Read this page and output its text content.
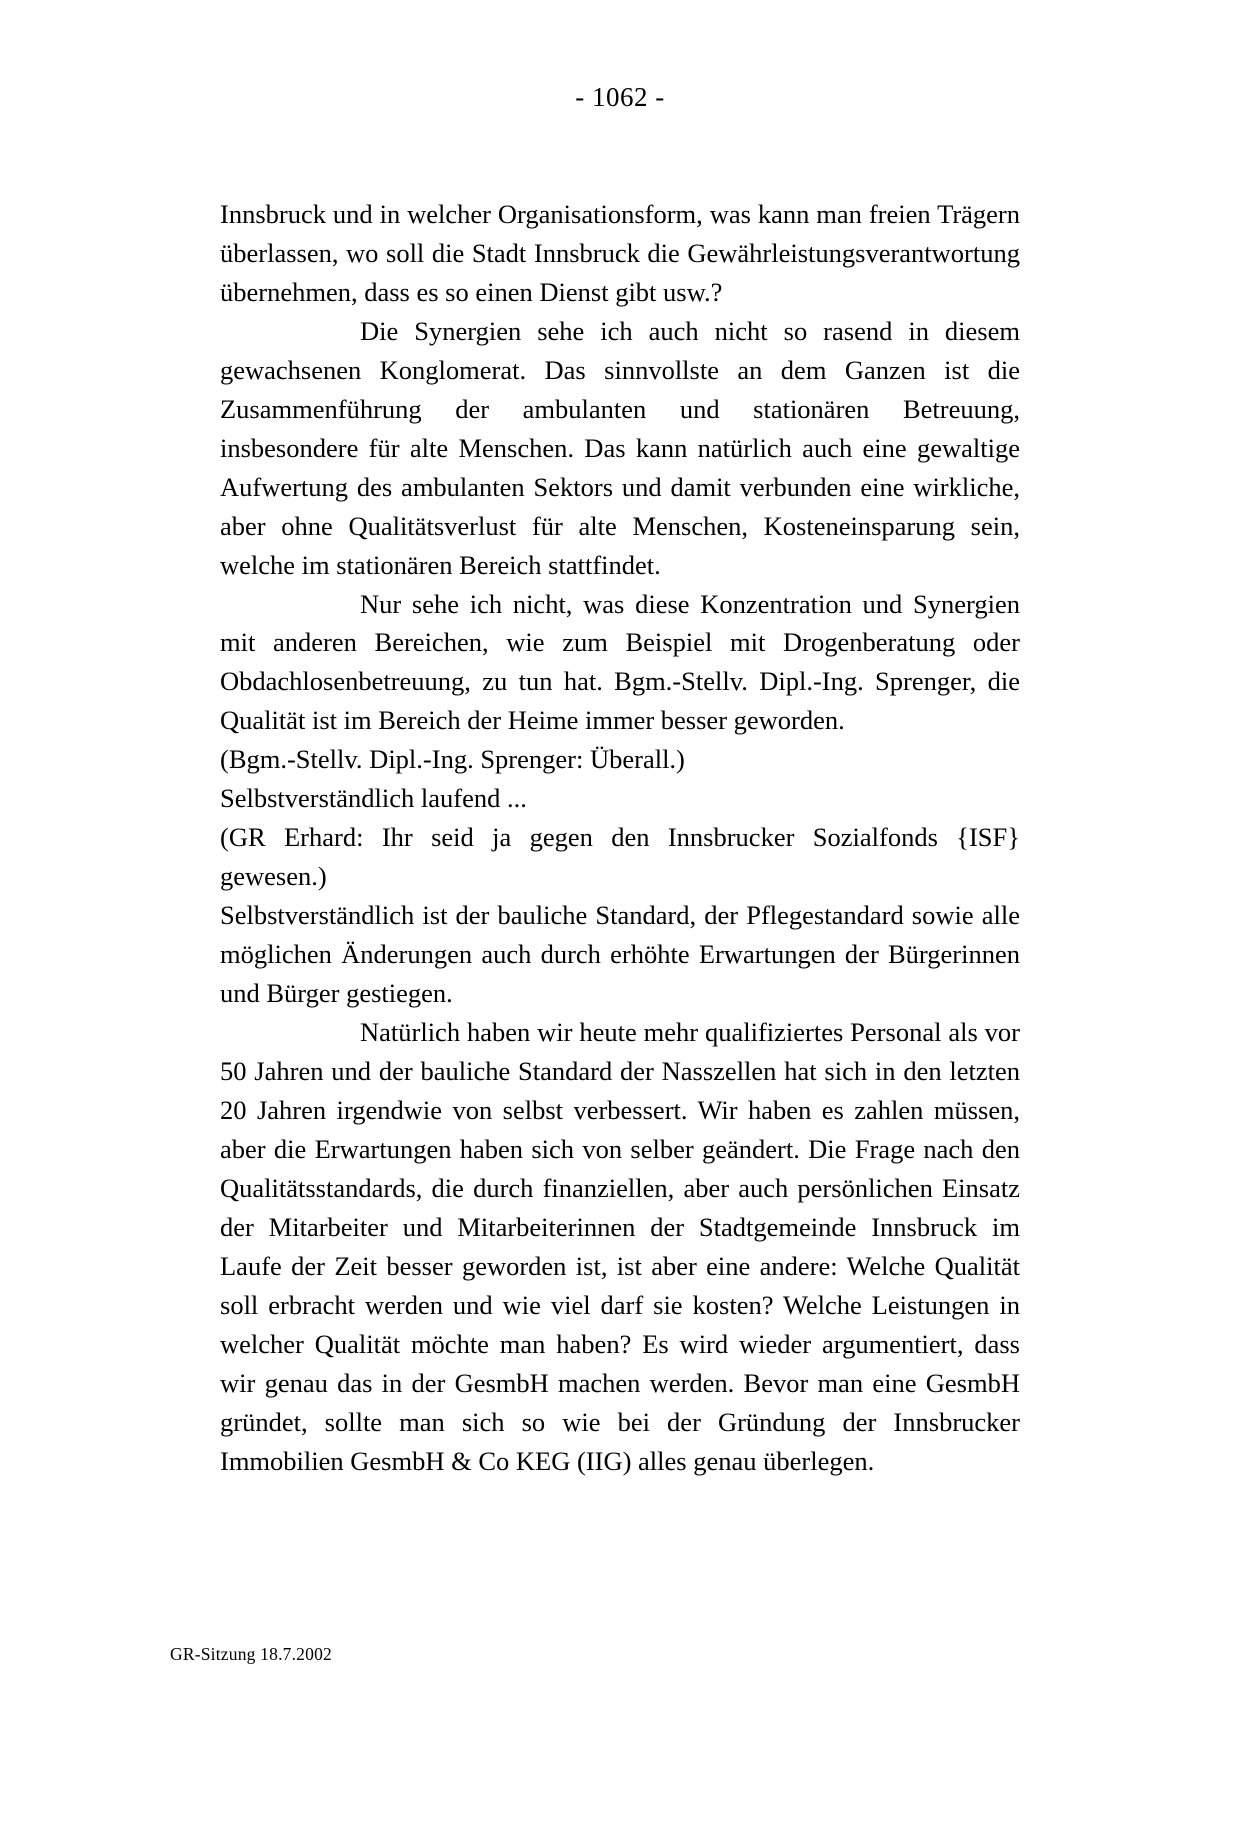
- 1062 -

Innsbruck und in welcher Organisationsform, was kann man freien Trägern überlassen, wo soll die Stadt Innsbruck die Gewährleistungsverantwortung übernehmen, dass es so einen Dienst gibt usw.?

Die Synergien sehe ich auch nicht so rasend in diesem gewachsenen Konglomerat. Das sinnvollste an dem Ganzen ist die Zusammenführung der ambulanten und stationären Betreuung, insbesondere für alte Menschen. Das kann natürlich auch eine gewaltige Aufwertung des ambulanten Sektors und damit verbunden eine wirkliche, aber ohne Qualitätsverlust für alte Menschen, Kosteneinsparung sein, welche im stationären Bereich stattfindet.

Nur sehe ich nicht, was diese Konzentration und Synergien mit anderen Bereichen, wie zum Beispiel mit Drogenberatung oder Obdachlosenbetreuung, zu tun hat. Bgm.-Stellv. Dipl.-Ing. Sprenger, die Qualität ist im Bereich der Heime immer besser geworden.

(Bgm.-Stellv. Dipl.-Ing. Sprenger: Überall.)

Selbstverständlich laufend ...

(GR Erhard: Ihr seid ja gegen den Innsbrucker Sozialfonds {ISF} gewesen.)

Selbstverständlich ist der bauliche Standard, der Pflegestandard sowie alle möglichen Änderungen auch durch erhöhte Erwartungen der Bürgerinnen und Bürger gestiegen.

Natürlich haben wir heute mehr qualifiziertes Personal als vor 50 Jahren und der bauliche Standard der Nasszellen hat sich in den letzten 20 Jahren irgendwie von selbst verbessert. Wir haben es zahlen müssen, aber die Erwartungen haben sich von selber geändert. Die Frage nach den Qualitätsstandards, die durch finanziellen, aber auch persönlichen Einsatz der Mitarbeiter und Mitarbeiterinnen der Stadtgemeinde Innsbruck im Laufe der Zeit besser geworden ist, ist aber eine andere: Welche Qualität soll erbracht werden und wie viel darf sie kosten? Welche Leistungen in welcher Qualität möchte man haben? Es wird wieder argumentiert, dass wir genau das in der GesmbH machen werden. Bevor man eine GesmbH gründet, sollte man sich so wie bei der Gründung der Innsbrucker Immobilien GesmbH & Co KEG (IIG) alles genau überlegen.

GR-Sitzung 18.7.2002
